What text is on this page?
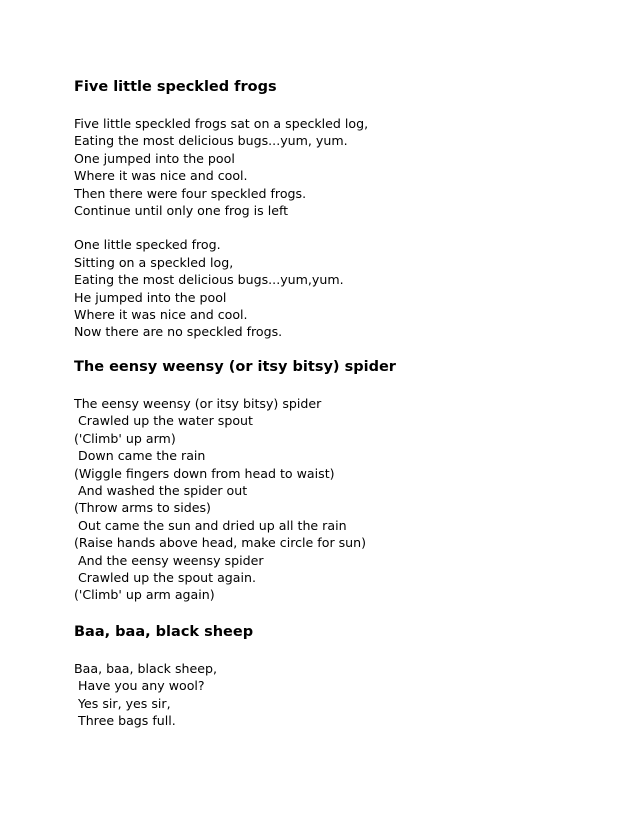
Five little speckled frogs
Five little speckled frogs sat on a speckled log,
Eating the most delicious bugs...yum, yum.
One jumped into the pool
Where it was nice and cool.
Then there were four speckled frogs.
Continue until only one frog is left
One little specked frog.
Sitting on a speckled log,
Eating the most delicious bugs...yum,yum.
He jumped into the pool
Where it was nice and cool.
Now there are no speckled frogs.
The eensy weensy (or itsy bitsy) spider
The eensy weensy (or itsy bitsy) spider
Crawled up the water spout
('Climb' up arm)
Down came the rain
(Wiggle fingers down from head to waist)
And washed the spider out
(Throw arms to sides)
Out came the sun and dried up all the rain
(Raise hands above head, make circle for sun)
And the eensy weensy spider
Crawled up the spout again.
('Climb' up arm again)
Baa, baa, black sheep
Baa, baa, black sheep,
Have you any wool?
Yes sir, yes sir,
Three bags full.
